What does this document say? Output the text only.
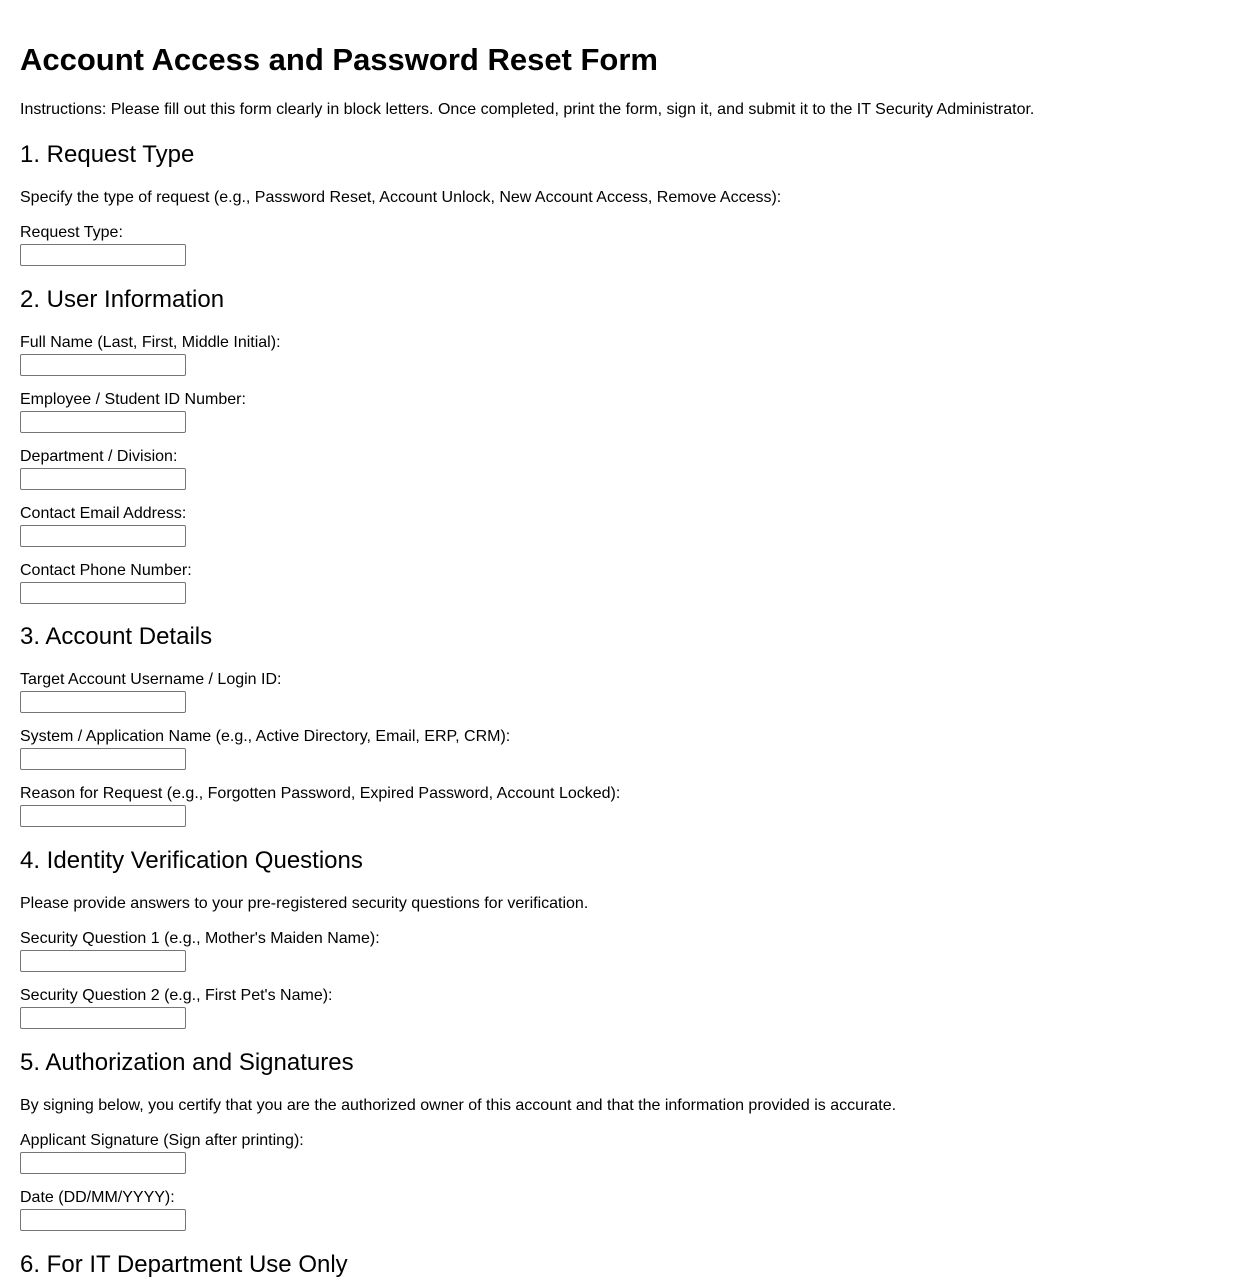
Account Access and Password Reset Form

Instructions: Please fill out this form clearly in block letters. Once completed, print the form, sign it, and submit it to the IT Security Administrator.

1. Request Type

Specify the type of request (e.g., Password Reset, Account Unlock, New Account Access, Remove Access):

Request Type:
2. User Information
Full Name (Last, First, Middle Initial):
Employee / Student ID Number:
Department / Division:
Contact Email Address:
Contact Phone Number:
3. Account Details
Target Account Username / Login ID:
System / Application Name (e.g., Active Directory, Email, ERP, CRM):
Reason for Request (e.g., Forgotten Password, Expired Password, Account Locked):
4. Identity Verification Questions

Please provide answers to your pre-registered security questions for verification.

Security Question 1 (e.g., Mother's Maiden Name):
Security Question 2 (e.g., First Pet's Name):
5. Authorization and Signatures

By signing below, you certify that you are the authorized owner of this account and that the information provided is accurate.

Applicant Signature (Sign after printing):
Date (DD/MM/YYYY):
6. For IT Department Use Only
